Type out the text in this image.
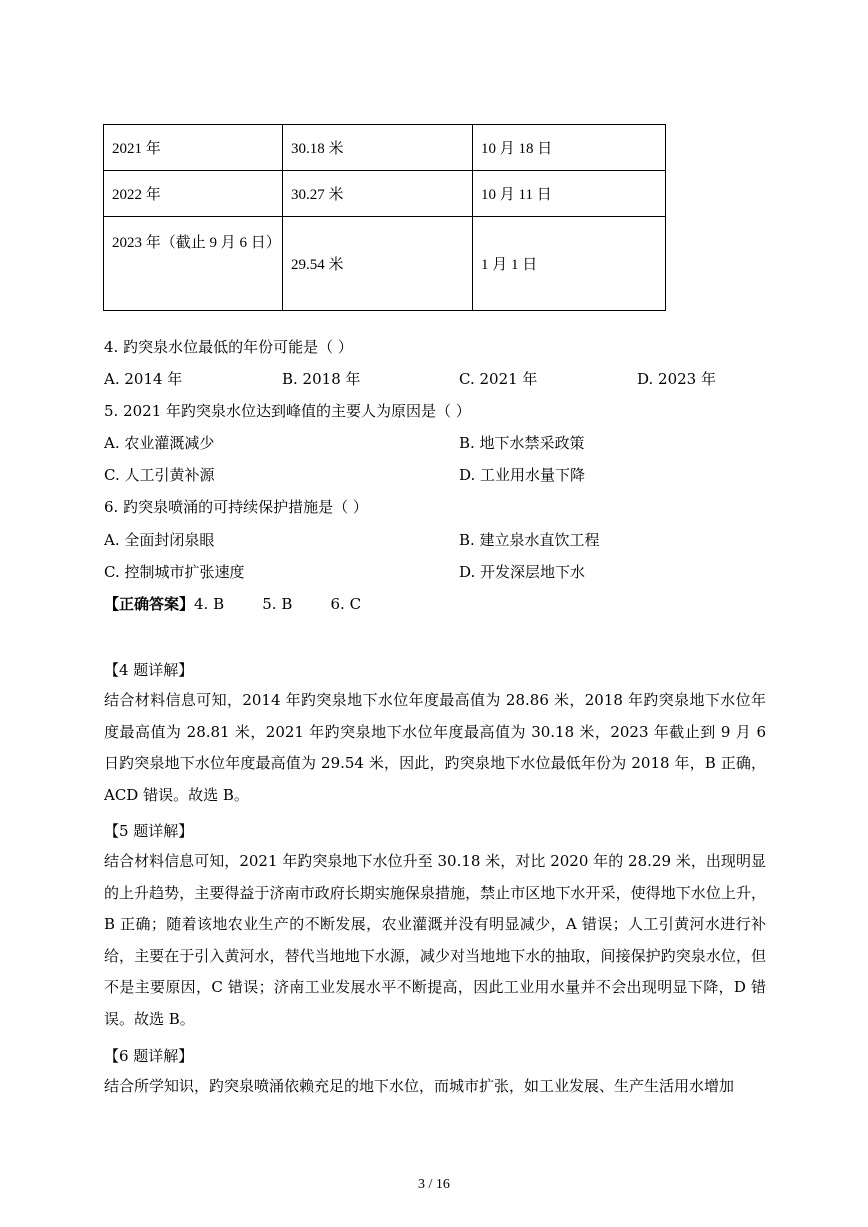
2021 年	30.18 米	10 月 18 日
2022 年	30.27 米	10 月 11 日
2023 年（截止 9 月 6 日）	29.54 米	1 月 1 日
4. 趵突泉水位最低的年份可能是（ ）
A. 2014 年	B. 2018 年	C. 2021 年	D. 2023 年
5. 2021 年趵突泉水位达到峰值的主要人为原因是（ ）
A. 农业灌溉减少	B. 地下水禁采政策
C. 人工引黄补源	D. 工业用水量下降
6. 趵突泉喷涌的可持续保护措施是（ ）
A. 全面封闭泉眼	B. 建立泉水直饮工程
C. 控制城市扩张速度	D. 开发深层地下水
【正确答案】4. B        5. B        6. C
【4 题详解】
结合材料信息可知，2014 年趵突泉地下水位年度最高值为 28.86 米，2018 年趵突泉地下水位年度最高值为 28.81 米，2021 年趵突泉地下水位年度最高值为 30.18 米，2023 年截止到 9 月 6 日趵突泉地下水位年度最高值为 29.54 米，因此，趵突泉地下水位最低年份为 2018 年，B 正确，ACD 错误。故选 B。
【5 题详解】
结合材料信息可知，2021 年趵突泉地下水位升至 30.18 米，对比 2020 年的 28.29 米，出现明显的上升趋势，主要得益于济南市政府长期实施保泉措施，禁止市区地下水开采，使得地下水位上升，B 正确；随着该地农业生产的不断发展，农业灌溉并没有明显减少，A 错误；人工引黄河水进行补给，主要在于引入黄河水，替代当地地下水源，减少对当地地下水的抽取，间接保护趵突泉水位，但不是主要原因，C 错误；济南工业发展水平不断提高，因此工业用水量并不会出现明显下降，D 错误。故选 B。
【6 题详解】
结合所学知识，趵突泉喷涌依赖充足的地下水位，而城市扩张，如工业发展、生产生活用水增加
3 / 16
